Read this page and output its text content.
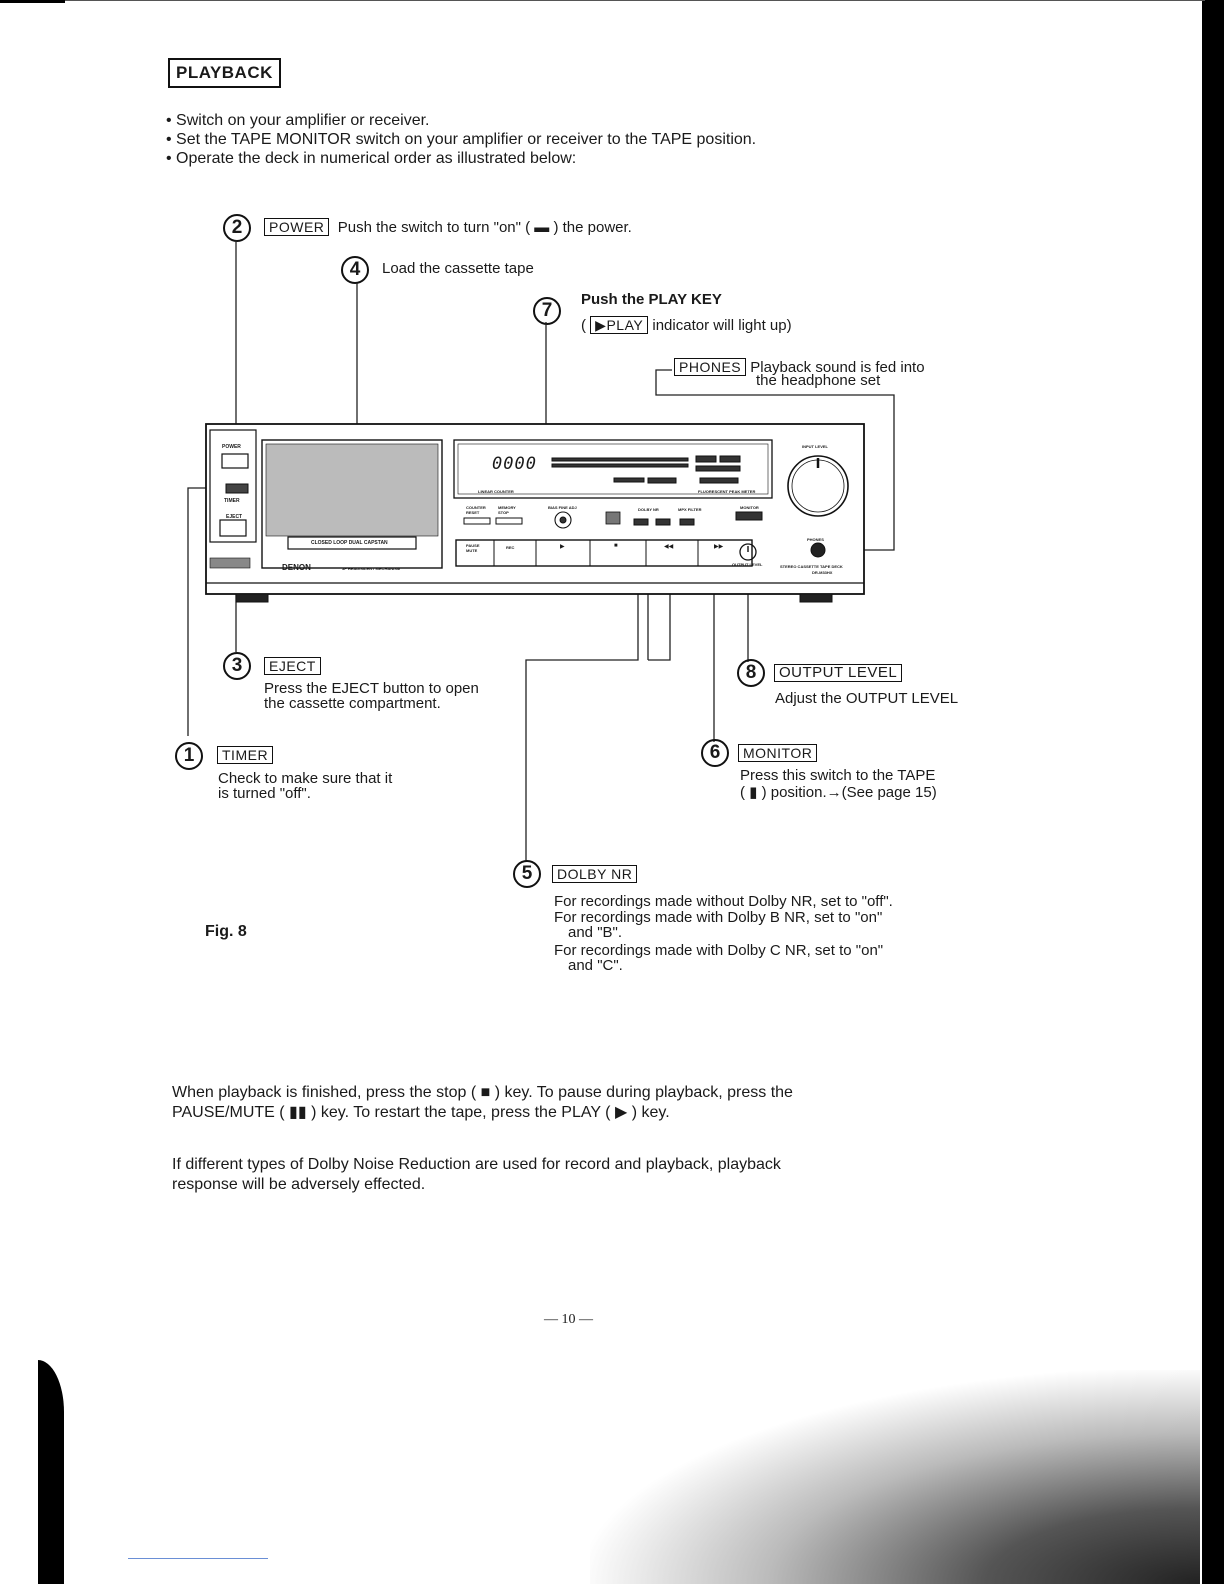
PLAYBACK
• Switch on your amplifier or receiver.
• Set the TAPE MONITOR switch on your amplifier or receiver to the TAPE position.
• Operate the deck in numerical order as illustrated below:
2	POWER Push the switch to turn "on" ( ▬ ) the power.
4	Load the cassette tape
7
Push the PLAY KEY
( ▶PLAY indicator will light up)
PHONES Playback sound is fed into
the headphone set
POWER
TIMER
EJECT
CLOSED LOOP DUAL CAPSTAN
DENON	3F HEAD/SILENT MECHANISM
0000
LINEAR COUNTER	FLUORESCENT PEAK METER
COUNTER RESET
MEMORY STOP
BIAS FINE ADJ	DOLBY NR	MPX FILTER	MONITOR
INPUT LEVEL
PHONES
OUTPUT LEVEL	STEREO CASSETTE TAPE DECK
DR-M33HX
PAUSE MUTE
REC	▶	■	◀◀	▶▶
3	EJECT
Press the EJECT button to open
the cassette compartment.
8	OUTPUT LEVEL
Adjust the OUTPUT LEVEL
1	TIMER
Check to make sure that it
is turned "off".
6	MONITOR
Press this switch to the TAPE
( ▮ ) position.→(See page 15)
5	DOLBY NR
For recordings made without Dolby NR, set to "off".
For recordings made with Dolby B NR, set to "on"
and "B".
For recordings made with Dolby C NR, set to "on"
and "C".
Fig. 8
When playback is finished, press the stop ( ■ ) key. To pause during playback, press the
PAUSE/MUTE ( ▮▮ ) key. To restart the tape, press the PLAY ( ▶ ) key.
If different types of Dolby Noise Reduction are used for record and playback, playback
response will be adversely effected.
— 10 —
